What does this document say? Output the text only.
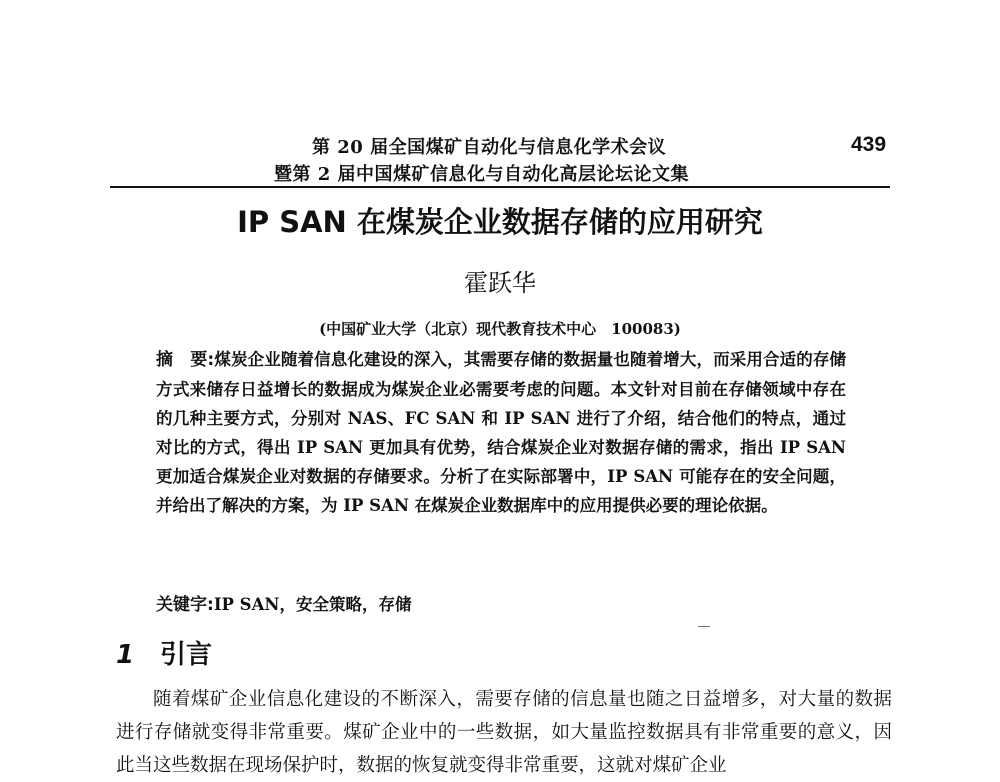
第 20 届全国煤矿自动化与信息化学术会议
暨第 2 届中国煤矿信息化与自动化高层论坛论文集
439
IP SAN 在煤炭企业数据存储的应用研究
霍跃华
(中国矿业大学（北京）现代教育技术中心　100083)
摘　要:煤炭企业随着信息化建设的深入，其需要存储的数据量也随着增大，而采用合适的存储方式来储存日益增长的数据成为煤炭企业必需要考虑的问题。本文针对目前在存储领域中存在的几种主要方式，分别对 NAS、FC SAN 和 IP SAN 进行了介绍，结合他们的特点，通过对比的方式，得出 IP SAN 更加具有优势，结合煤炭企业对数据存储的需求，指出 IP SAN 更加适合煤炭企业对数据的存储要求。分析了在实际部署中，IP SAN 可能存在的安全问题，并给出了解决的方案，为 IP SAN 在煤炭企业数据库中的应用提供必要的理论依据。
关键字:IP SAN，安全策略，存储
1 引言
随着煤矿企业信息化建设的不断深入，需要存储的信息量也随之日益增多，对大量的数据进行存储就变得非常重要。煤矿企业中的一些数据，如大量监控数据具有非常重要的意义，因此当这些数据在现场保护时，数据的恢复就变得非常重要，这就对煤矿企业
